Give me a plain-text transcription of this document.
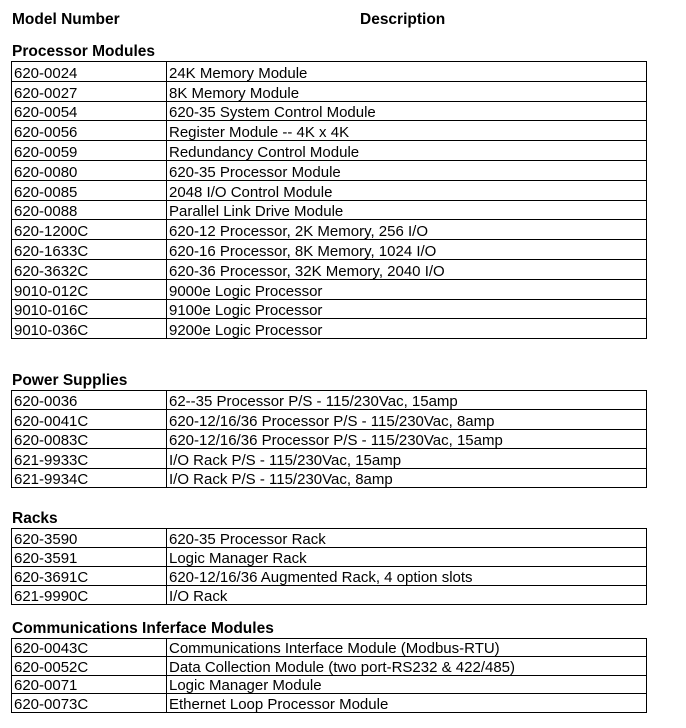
Model Number	Description
Processor Modules
620-0024	24K Memory Module
620-0027	8K Memory Module
620-0054	620-35 System Control Module
620-0056	Register Module -- 4K x 4K
620-0059	Redundancy Control Module
620-0080	620-35 Processor Module
620-0085	2048 I/O Control Module
620-0088	Parallel Link Drive Module
620-1200C	620-12 Processor, 2K Memory, 256 I/O
620-1633C	620-16 Processor, 8K Memory, 1024 I/O
620-3632C	620-36 Processor, 32K Memory, 2040 I/O
9010-012C	9000e Logic Processor
9010-016C	9100e Logic Processor
9010-036C	9200e Logic Processor
Power Supplies
620-0036	62--35 Processor P/S - 115/230Vac, 15amp
620-0041C	620-12/16/36 Processor P/S - 115/230Vac, 8amp
620-0083C	620-12/16/36 Processor P/S - 115/230Vac, 15amp
621-9933C	I/O Rack P/S - 115/230Vac, 15amp
621-9934C	I/O Rack P/S - 115/230Vac, 8amp
Racks
620-3590	620-35 Processor Rack
620-3591	Logic Manager Rack
620-3691C	620-12/16/36 Augmented Rack, 4 option slots
621-9990C	I/O Rack
Communications Inferface Modules
620-0043C	Communications Interface Module (Modbus-RTU)
620-0052C	Data Collection Module (two port-RS232 & 422/485)
620-0071	Logic Manager Module
620-0073C	Ethernet Loop Processor Module
